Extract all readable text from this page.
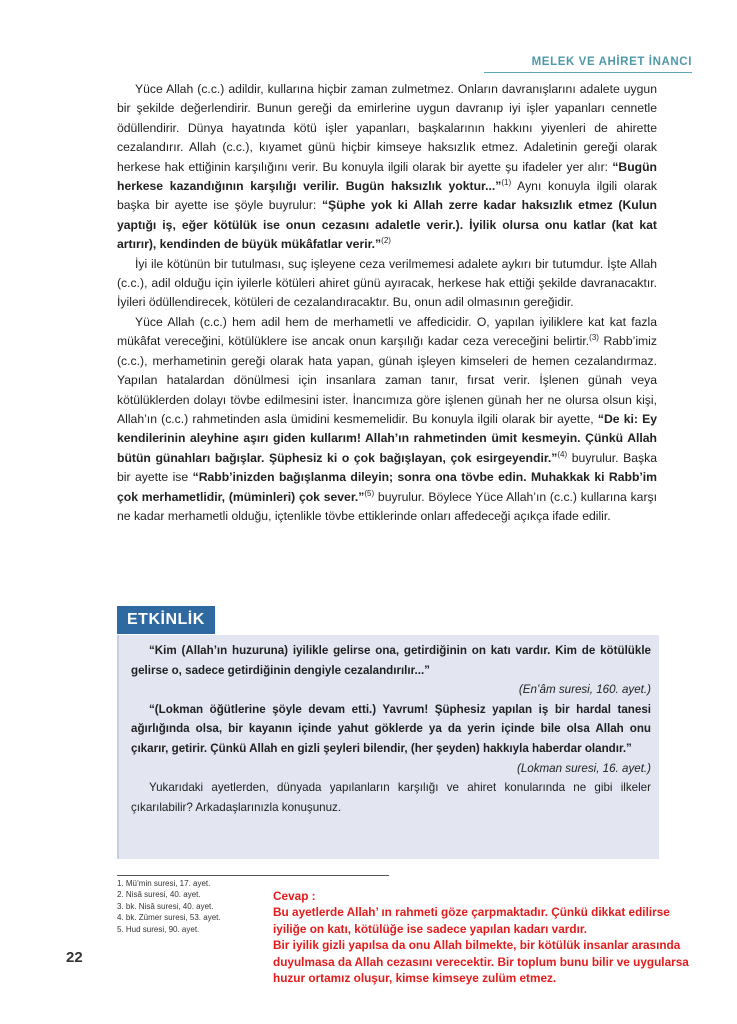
MELEK VE AHİRET İNANCI

Yüce Allah (c.c.) adildir, kullarına hiçbir zaman zulmetmez. Onların davranışlarını adalete uygun bir şekilde değerlendirir. Bunun gereği da emirlerine uygun davranıp iyi işler yapanları cennetle ödüllendirir. Dünya hayatında kötü işler yapanları, başkalarının hakkını yiyenleri de ahirette cezalandırır. Allah (c.c.), kıyamet günü hiçbir kimseye haksızlık etmez. Adaletinin gereği olarak herkese hak ettiğinin karşılığını verir. Bu konuyla ilgili olarak bir ayette şu ifadeler yer alır: “Bugün herkese kazandığının karşılığı verilir. Bugün haksızlık yoktur...”$^{(1)}$ Aynı konuyla ilgili olarak başka bir ayette ise şöyle buyrulur: “Şüphe yok ki Allah zerre kadar haksızlık etmez (Kulun yaptığı iş, eğer kötülük ise onun cezasını adaletle verir.). İyilik olursa onu katlar (kat kat artırır), kendinden de büyük mükâfatlar verir.”$^{(2)}$

İyi ile kötünün bir tutulması, suç işleyene ceza verilmemesi adalete aykırı bir tutumdur. İşte Allah (c.c.), adil olduğu için iyilerle kötüleri ahiret günü ayıracak, herkese hak ettiği şekilde davranacaktır. İyileri ödüllendirecek, kötüleri de cezalandıracaktır. Bu, onun adil olmasının gereğidir.

Yüce Allah (c.c.) hem adil hem de merhametli ve affedicidir. O, yapılan iyiliklere kat kat fazla mükâfat vereceğini, kötülüklere ise ancak onun karşılığı kadar ceza vereceğini belirtir.$^{(3)}$ Rabb’imiz (c.c.), merhametinin gereği olarak hata yapan, günah işleyen kimseleri de hemen cezalandırmaz. Yapılan hatalardan dönülmesi için insanlara zaman tanır, fırsat verir. İşlenen günah veya kötülüklerden dolayı tövbe edilmesini ister. İnancımıza göre işlenen günah her ne olursa olsun kişi, Allah’ın (c.c.) rahmetinden asla ümidini kesmemelidir. Bu konuyla ilgili olarak bir ayette, “De ki: Ey kendilerinin aleyhine aşırı giden kullarım! Allah’ın rahmetinden ümit kesmeyin. Çünkü Allah bütün günahları bağışlar. Şüphesiz ki o çok bağışlayan, çok esirgeyendir.”$^{(4)}$ buyrulur. Başka bir ayette ise “Rabb’inizden bağışlanma dileyin; sonra ona tövbe edin. Muhakkak ki Rabb’im çok merhametlidir, (müminleri) çok sever.”$^{(5)}$ buyrulur. Böylece Yüce Allah’ın (c.c.) kullarına karşı ne kadar merhametli olduğu, içtenlikle tövbe ettiklerinde onları affedeceği açıkça ifade edilir.

ETKİNLİK

“Kim (Allah’ın huzuruna) iyilikle gelirse ona, getirdiğinin on katı vardır. Kim de kötülükle gelirse o, sadece getirdiğinin dengiyle cezalandırılır...”

(En’âm suresi, 160. ayet.)

“(Lokman öğütlerine şöyle devam etti.) Yavrum! Şüphesiz yapılan iş bir hardal tanesi ağırlığında olsa, bir kayanın içinde yahut göklerde ya da yerin içinde bile olsa Allah onu çıkarır, getirir. Çünkü Allah en gizli şeyleri bilendir, (her şeyden) hakkıyla haberdar olandır.”

(Lokman suresi, 16. ayet.)

Yukarıdaki ayetlerden, dünyada yapılanların karşılığı ve ahiret konularında ne gibi ilkeler çıkarılabilir? Arkadaşlarınızla konuşunuz.

1. Mü’min suresi, 17. ayet.
2. Nisâ suresi, 40. ayet.
3. bk. Nisâ suresi, 40. ayet.
4. bk. Zümer suresi, 53. ayet.
5. Hud suresi, 90. ayet.
22

Cevap :

Bu ayetlerde Allah’ ın rahmeti göze çarpmaktadır. Çünkü dikkat edilirse

iyiliğe on katı, kötülüğe ise sadece yapılan kadarı vardır.

Bir iyilik gizli yapılsa da onu Allah bilmekte, bir kötülük insanlar arasında

duyulmasa da Allah cezasını verecektir. Bir toplum bunu bilir ve uygularsa

huzur ortamız oluşur, kimse kimseye zulüm etmez.
